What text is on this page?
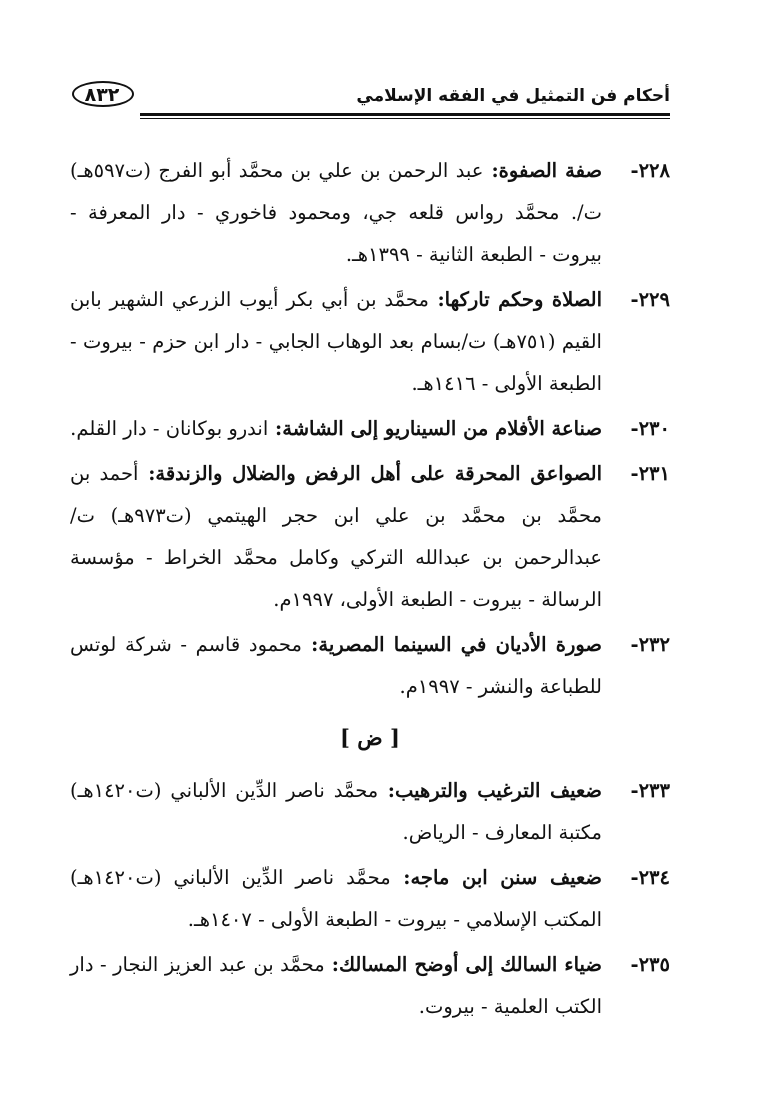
أحكام فن التمثيل في الفقه الإسلامي
٨٣٢
٢٢٨-
صفة الصفوة: عبد الرحمن بن علي بن محمَّد أبو الفرج (ت٥٩٧هـ) ت/. محمَّد رواس قلعه جي، ومحمود فاخوري - دار المعرفة - بيروت - الطبعة الثانية - ١٣٩٩هـ.
٢٢٩-
الصلاة وحكم تاركها: محمَّد بن أبي بكر أيوب الزرعي الشهير بابن القيم (٧٥١هـ) ت/بسام بعد الوهاب الجابي - دار ابن حزم - بيروت - الطبعة الأولى - ١٤١٦هـ.
٢٣٠-
صناعة الأفلام من السيناريو إلى الشاشة: اندرو بوكانان - دار القلم.
٢٣١-
الصواعق المحرقة على أهل الرفض والضلال والزندقة: أحمد بن محمَّد بن محمَّد بن علي ابن حجر الهيتمي (ت٩٧٣هـ) ت/ عبدالرحمن بن عبدالله التركي وكامل محمَّد الخراط - مؤسسة الرسالة - بيروت - الطبعة الأولى، ١٩٩٧م.
٢٣٢-
صورة الأديان في السينما المصرية: محمود قاسم - شركة لوتس للطباعة والنشر - ١٩٩٧م.
[ ض ]
٢٣٣-
ضعيف الترغيب والترهيب: محمَّد ناصر الدِّين الألباني (ت١٤٢٠هـ) مكتبة المعارف - الرياض.
٢٣٤-
ضعيف سنن ابن ماجه: محمَّد ناصر الدِّين الألباني (ت١٤٢٠هـ) المكتب الإسلامي - بيروت - الطبعة الأولى - ١٤٠٧هـ.
٢٣٥-
ضياء السالك إلى أوضح المسالك: محمَّد بن عبد العزيز النجار - دار الكتب العلمية - بيروت.
